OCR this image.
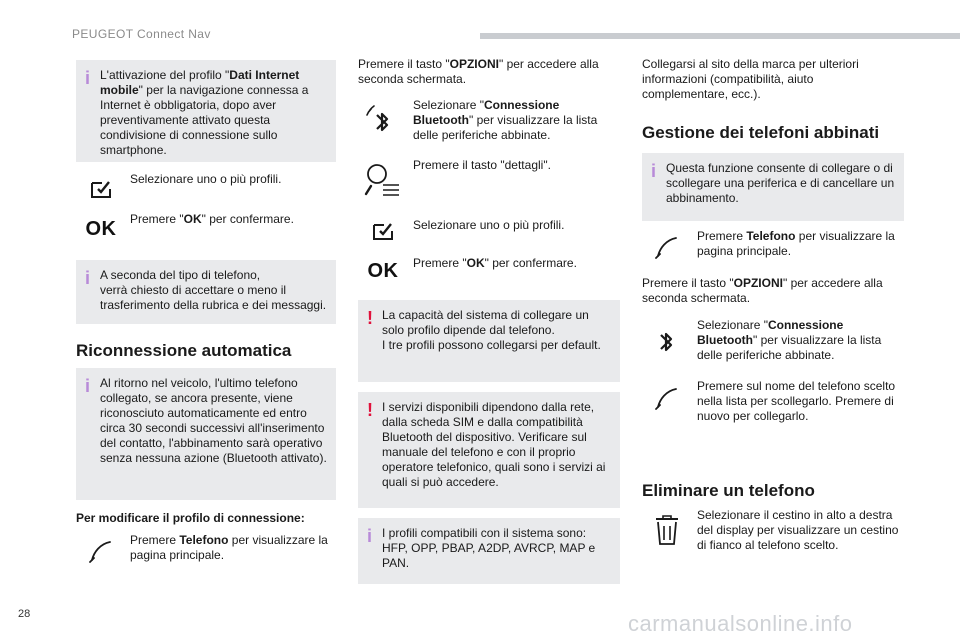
PEUGEOT Connect Nav
i L'attivazione del profilo "Dati Internet mobile" per la navigazione connessa a Internet è obbligatoria, dopo aver preventivamente attivato questa condivisione di connessione sullo smartphone.
Selezionare uno o più profili.
OK Premere "OK" per confermare.
i A seconda del tipo di telefono,
verrà chiesto di accettare o meno il
trasferimento della rubrica e dei messaggi.
Riconnessione automatica
i Al ritorno nel veicolo, l'ultimo telefono collegato, se ancora presente, viene riconosciuto automaticamente ed entro circa 30 secondi successivi all'inserimento del contatto, l'abbinamento sarà operativo senza nessuna azione (Bluetooth attivato).
Per modificare il profilo di connessione:
Premere Telefono per visualizzare la pagina principale.
Premere il tasto "OPZIONI" per accedere alla seconda schermata.
Selezionare "Connessione Bluetooth" per visualizzare la lista delle periferiche abbinate.
Premere il tasto "dettagli".
Selezionare uno o più profili.
OK Premere "OK" per confermare.
! La capacità del sistema di collegare un solo profilo dipende dal telefono.
I tre profili possono collegarsi per default.
! I servizi disponibili dipendono dalla rete, dalla scheda SIM e dalla compatibilità Bluetooth del dispositivo. Verificare sul manuale del telefono e con il proprio operatore telefonico, quali sono i servizi ai quali si può accedere.
i I profili compatibili con il sistema sono: HFP, OPP, PBAP, A2DP, AVRCP, MAP e PAN.
Collegarsi al sito della marca per ulteriori informazioni (compatibilità, aiuto complementare, ecc.).
Gestione dei telefoni abbinati
i Questa funzione consente di collegare o di scollegare una periferica e di cancellare un abbinamento.
Premere Telefono per visualizzare la pagina principale.
Premere il tasto "OPZIONI" per accedere alla seconda schermata.
Selezionare "Connessione Bluetooth" per visualizzare la lista delle periferiche abbinate.
Premere sul nome del telefono scelto nella lista per scollegarlo. Premere di nuovo per collegarlo.
Eliminare un telefono
Selezionare il cestino in alto a destra del display per visualizzare un cestino di fianco al telefono scelto.
28	carmanualsonline.info
